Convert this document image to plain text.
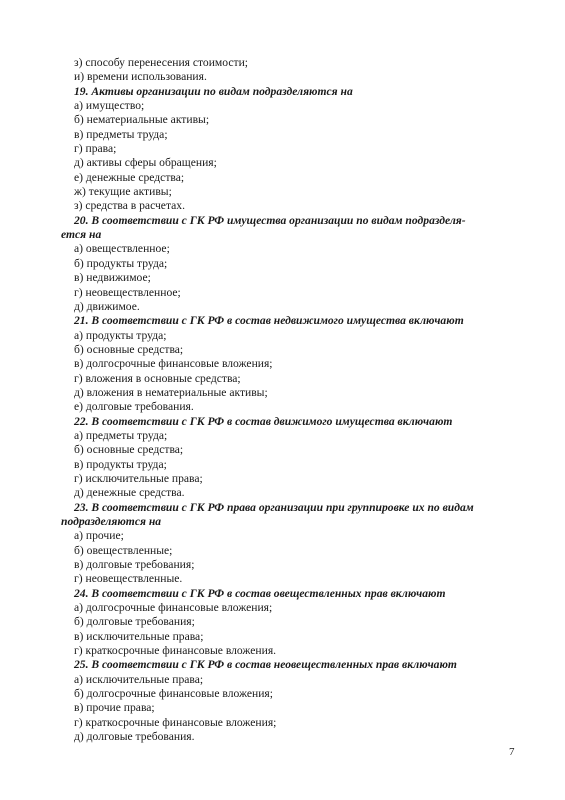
з) способу перенесения стоимости;
и) времени использования.
19. Активы организации по видам подразделяются на
а) имущество;
б) нематериальные активы;
в) предметы труда;
г) права;
д) активы сферы обращения;
е) денежные средства;
ж) текущие активы;
з) средства в расчетах.
20. В соответствии с ГК РФ имущества организации по видам подразделя-
ется на
а) овеществленное;
б) продукты труда;
в) недвижимое;
г) неовеществленное;
д) движимое.
21. В соответствии с ГК РФ в состав недвижимого имущества включают
а) продукты труда;
б) основные средства;
в) долгосрочные финансовые вложения;
г) вложения в основные средства;
д) вложения в нематериальные активы;
е) долговые требования.
22. В соответствии с ГК РФ в состав движимого имущества включают
а) предметы труда;
б) основные средства;
в) продукты труда;
г) исключительные права;
д) денежные средства.
23. В соответствии с ГК РФ права организации при группировке их по видам
подразделяются на
а) прочие;
б) овеществленные;
в) долговые требования;
г) неовеществленные.
24. В соответствии с ГК РФ в состав овеществленных прав включают
а) долгосрочные финансовые вложения;
б) долговые требования;
в) исключительные права;
г) краткосрочные финансовые вложения.
25. В соответствии с ГК РФ в состав неовеществленных прав включают
а) исключительные права;
б) долгосрочные финансовые вложения;
в) прочие права;
г) краткосрочные финансовые вложения;
д) долговые требования.
7
